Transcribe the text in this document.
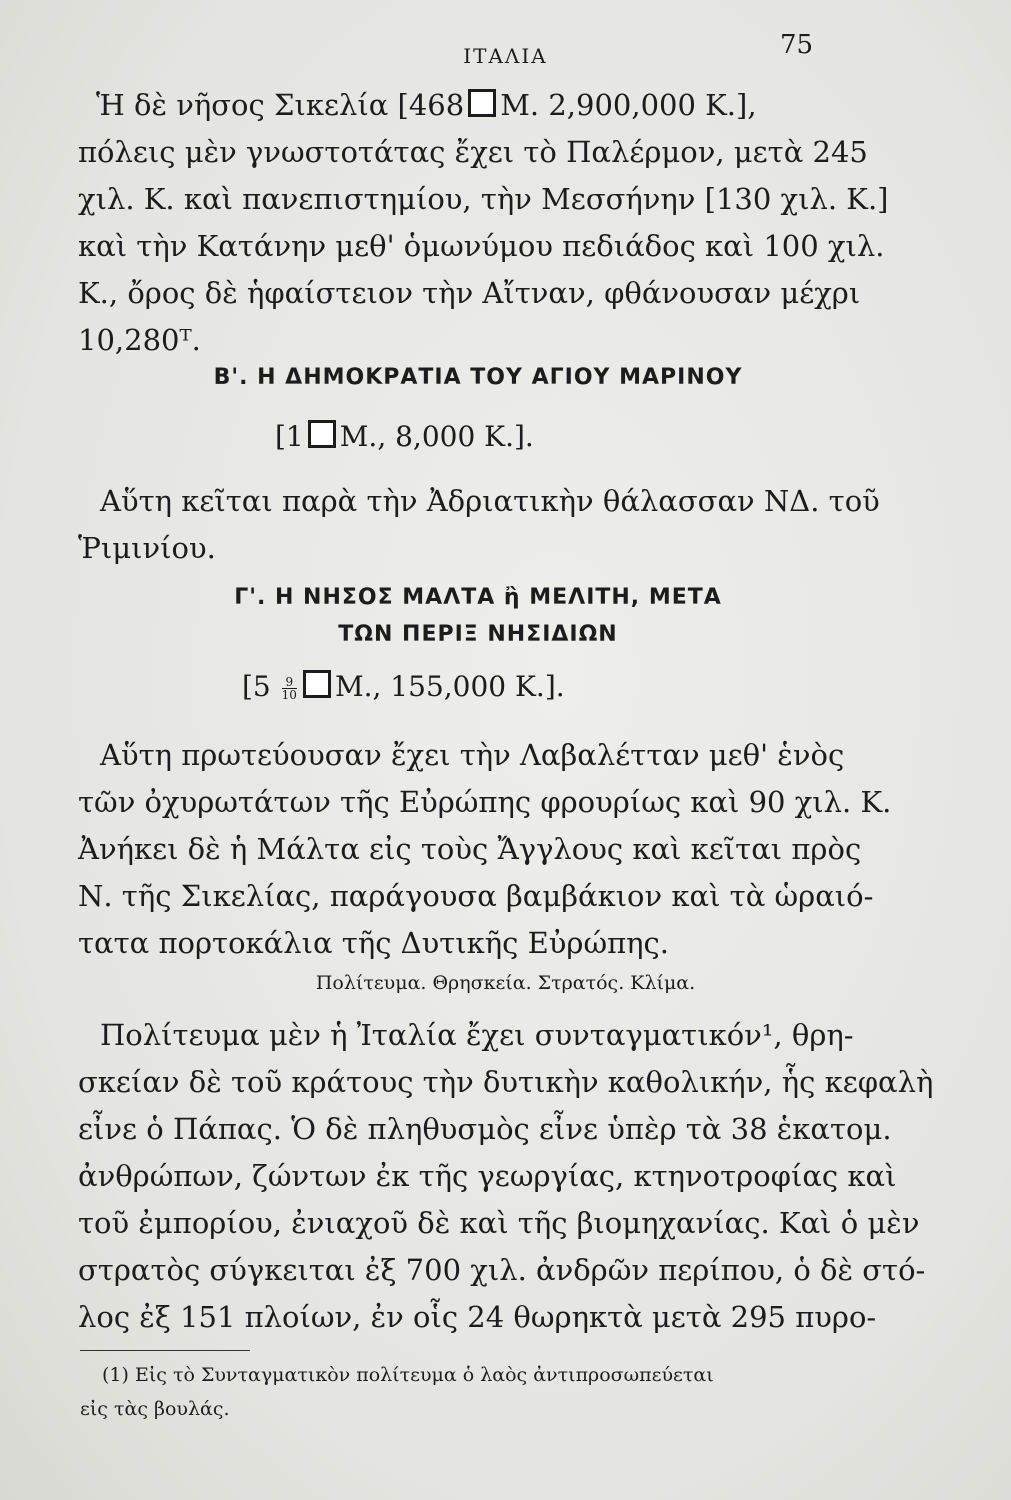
ΙΤΑΛΙΑ	75
Ἡ δὲ νῆσος Σικελία [468 Μ. 2,900,000 Κ.],
πόλεις μὲν γνωστοτάτας ἔχει τὸ Παλέρμον, μετὰ 245
χιλ. Κ. καὶ πανεπιστημίου, τὴν Μεσσήνην [130 χιλ. Κ.]
καὶ τὴν Κατάνην μεθ' ὁμωνύμου πεδιάδος καὶ 100 χιλ.
Κ., ὄρος δὲ ἡφαίστειον τὴν Αἴτναν, φθάνουσαν μέχρι
10,280ᵀ.
Β'. Η ΔΗΜΟΚΡΑΤΙΑ ΤΟΥ ΑΓΙΟΥ ΜΑΡΙΝΟΥ
[1 Μ., 8,000 Κ.].
Αὕτη κεῖται παρὰ τὴν Ἀδριατικὴν θάλασσαν ΝΔ. τοῦ
Ῥιμινίου.
Γ'. Η ΝΗΣΟΣ ΜΑΛΤΑ ἢ ΜΕΛΙΤΗ, ΜΕΤΑ
ΤΩΝ ΠΕΡΙΞ ΝΗΣΙΔΙΩΝ
[$5 \frac{9}{10} M$., 155,000 Κ.].
Αὕτη πρωτεύουσαν ἔχει τὴν Λαβαλέτταν μεθ' ἑνὸς
τῶν ὀχυρωτάτων τῆς Εὐρώπης φρουρίως καὶ 90 χιλ. Κ.
Ἀνήκει δὲ ἡ Μάλτα εἰς τοὺς Ἄγγλους καὶ κεῖται πρὸς
Ν. τῆς Σικελίας, παράγουσα βαμβάκιον καὶ τὰ ὡραιό-
τατα πορτοκάλια τῆς Δυτικῆς Εὐρώπης.
Πολίτευμα. Θρησκεία. Στρατός. Κλίμα.
Πολίτευμα μὲν ἡ Ἰταλία ἔχει συνταγματικόν¹, θρη-
σκείαν δὲ τοῦ κράτους τὴν δυτικὴν καθολικήν, ἧς κεφαλὴ
εἶνε ὁ Πάπας. Ὁ δὲ πληθυσμὸς εἶνε ὑπὲρ τὰ 38 ἑκατομ.
ἀνθρώπων, ζώντων ἐκ τῆς γεωργίας, κτηνοτροφίας καὶ
τοῦ ἐμπορίου, ἐνιαχοῦ δὲ καὶ τῆς βιομηχανίας. Καὶ ὁ μὲν
στρατὸς σύγκειται ἐξ 700 χιλ. ἀνδρῶν περίπου, ὁ δὲ στό-
λος ἐξ 151 πλοίων, ἐν οἷς 24 θωρηκτὰ μετὰ 295 πυρο-
(1) Εἰς τὸ Συνταγματικὸν πολίτευμα ὁ λαὸς ἀντιπροσωπεύεται
εἰς τὰς βουλάς.
